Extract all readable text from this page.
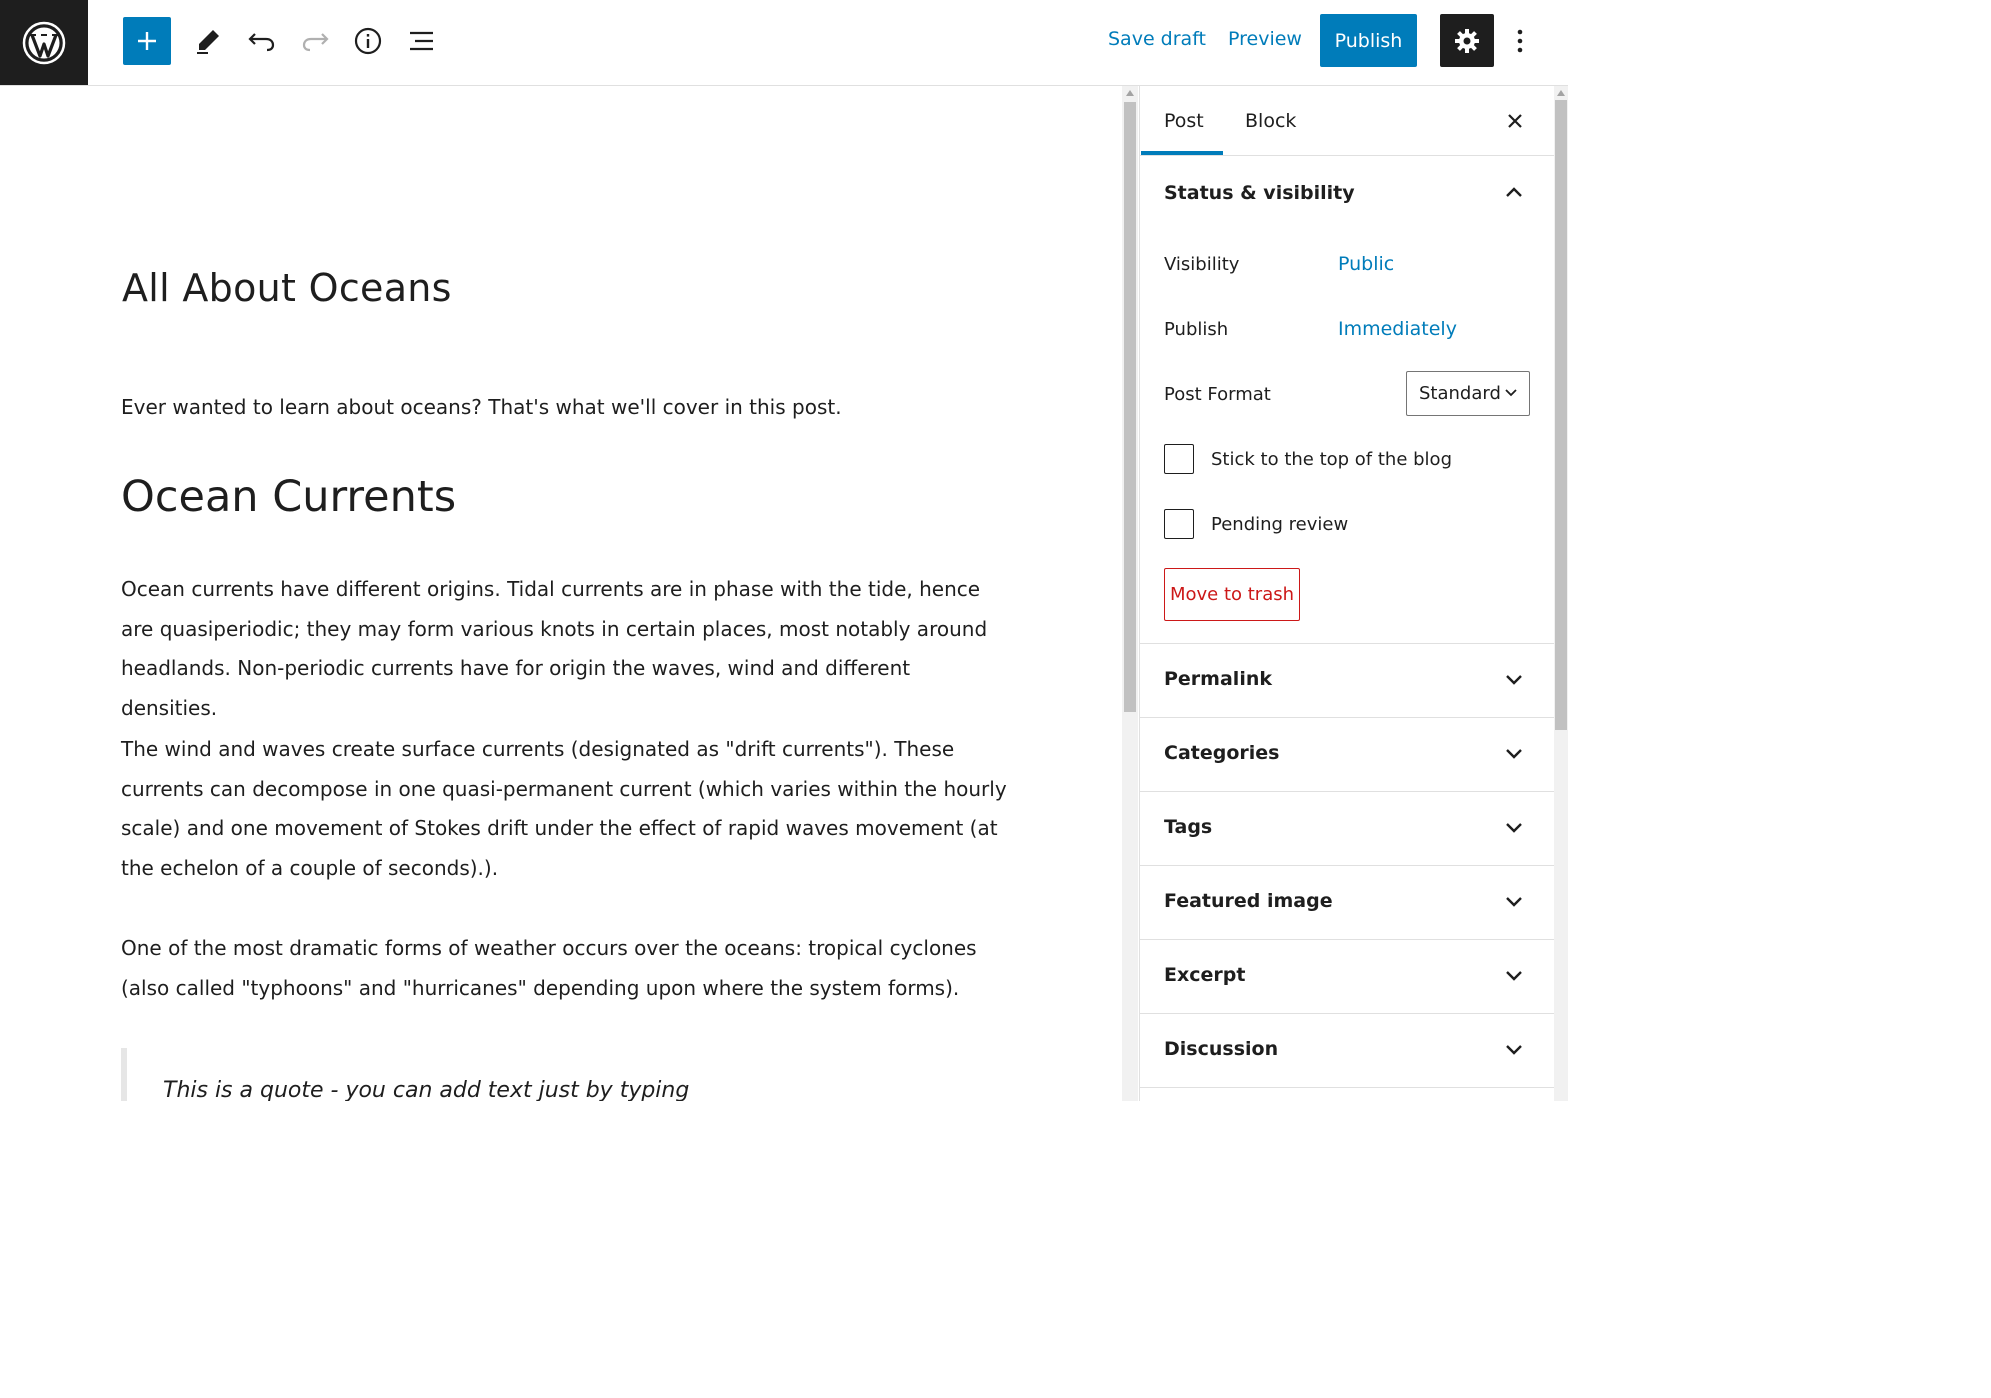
Save draft Preview	Publish
All About Oceans

Ever wanted to learn about oceans? That's what we'll cover in this post.

Ocean Currents

Ocean currents have different origins. Tidal currents are in phase with the tide, hence are quasiperiodic; they may form various knots in certain places, most notably around headlands. Non-periodic currents have for origin the waves, wind and different densities.

The wind and waves create surface currents (designated as "drift currents"). These currents can decompose in one quasi-permanent current (which varies within the hourly scale) and one movement of Stokes drift under the effect of rapid waves movement (at the echelon of a couple of seconds).).

One of the most dramatic forms of weather occurs over the oceans: tropical cyclones (also called "typhoons" and "hurricanes" depending upon where the system forms).

This is a quote - you can add text just by typing
Post Block
Status & visibility
Visibility	Public
Publish	Immediately
Post Format	Standard
Stick to the top of the blog
Pending review
Move to trash
Permalink
Categories
Tags
Featured image
Excerpt
Discussion
